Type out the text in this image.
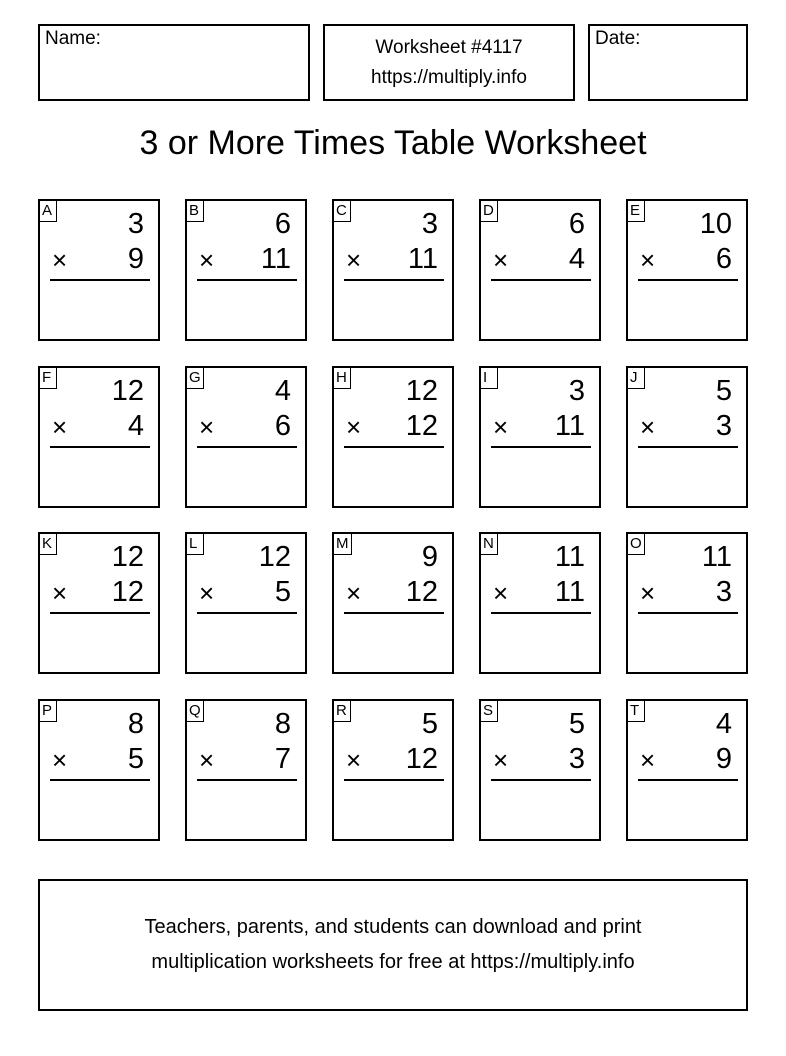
Name:	Worksheet #4117
https://multiply.info
Date:
3 or More Times Table Worksheet
A	3
× 9
B	6
× 11
C	3
× 11
D	6
× 4
E 10
× 6
F 12
× 4
G	4
× 6
H 12
× 12
I	3
× 11
J	5
× 3
K 12
× 12
L 12
× 5
M	9
× 12
N 11
× 11
O 11
× 3
P	8
× 5
Q	8
× 7
R	5
× 12
S	5
× 3
T	4
× 9
Teachers, parents, and students can download and print
multiplication worksheets for free at https://multiply.info
